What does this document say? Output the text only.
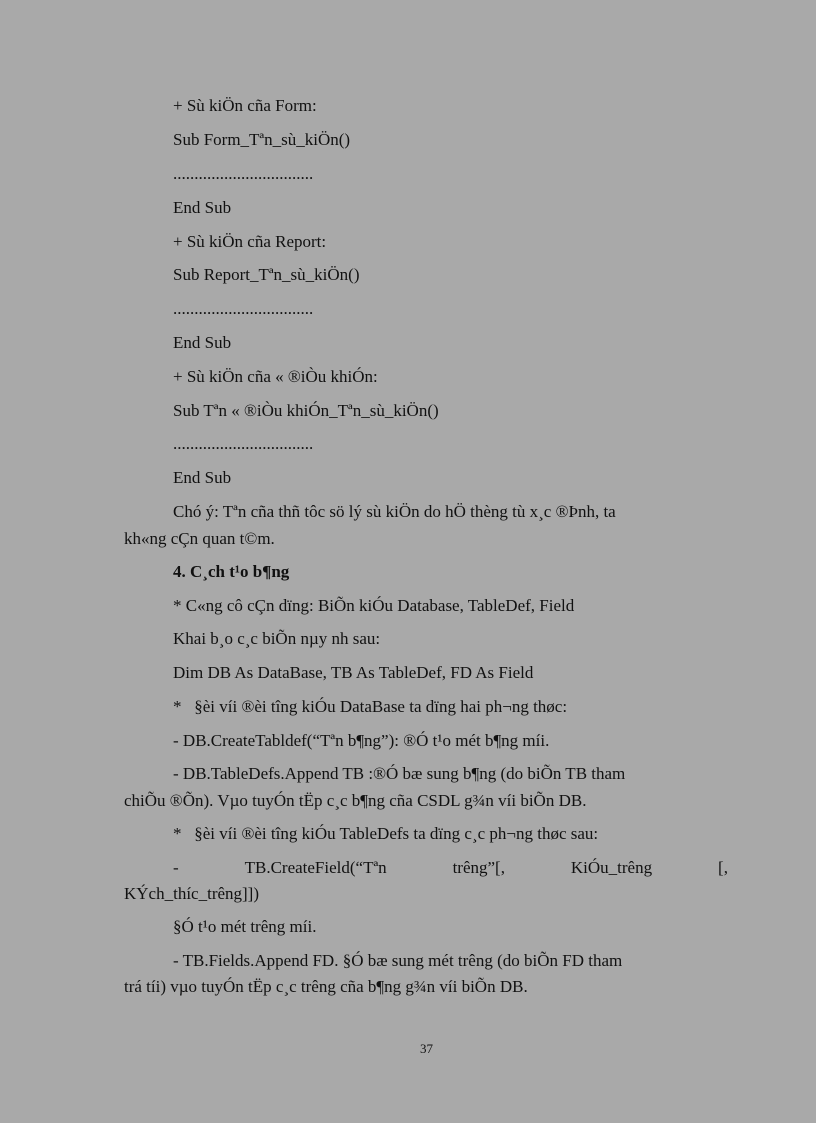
+ Sù kiÖn cña Form:
Sub Form_Tªn_sù_kiÖn()
.................................
End Sub
+ Sù kiÖn cña Report:
Sub Report_Tªn_sù_kiÖn()
.................................
End Sub
+ Sù kiÖn cña « ®iÒu khiÓn:
Sub Tªn « ®iÒu khiÓn_Tªn_sù_kiÖn()
.................................
End Sub
Chó ý: Tªn cña thñ tôc sö lý sù kiÖn do hÖ thèng tù x¸c ®Þnh, ta
kh«ng cÇn quan t©m.
4. C¸ch t¹o b¶ng
* C«ng cô cÇn dïng: BiÕn kiÓu Database, TableDef, Field
Khai b¸o c¸c biÕn nµy nh sau:
Dim DB As DataBase, TB As TableDef, FD As Field
*   §èi víi ®èi tîng kiÓu DataBase ta dïng hai ph¬ng thøc:
- DB.CreateTabldef(“Tªn b¶ng”): ®Ó t¹o mét b¶ng míi.
- DB.TableDefs.Append TB :®Ó bæ sung b¶ng (do biÕn TB tham
chiÕu ®Õn). Vµo tuyÓn tËp c¸c b¶ng cña CSDL g¾n víi biÕn DB.
*   §èi víi ®èi tîng kiÓu TableDefs ta dïng c¸c ph¬ng thøc sau:
-	TB.CreateField(“Tªn	trêng”[,	KiÓu_trêng	[,
KÝch_thíc_trêng]])
§Ó t¹o mét trêng míi.
- TB.Fields.Append FD. §Ó bæ sung mét trêng (do biÕn FD tham
trá tíi) vµo tuyÓn tËp c¸c trêng cña b¶ng g¾n víi biÕn DB.
37
